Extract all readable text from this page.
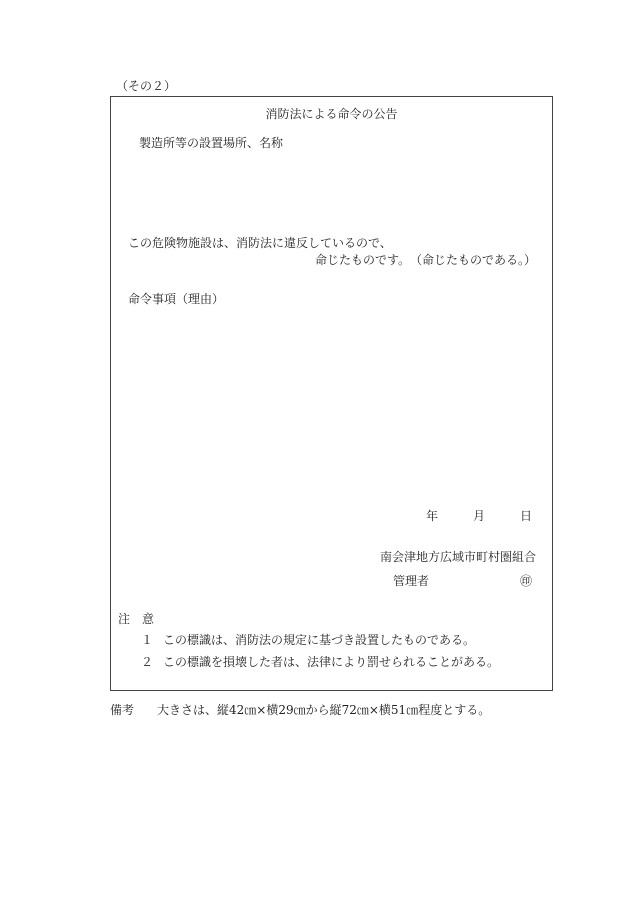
（その２）
消防法による命令の公告
製造所等の設置場所、名称
この危険物施設は、消防法に違反しているので、
命じたものです。 （命じたものである。）
命令事項（理由）
年	月	日
南会津地方広域市町村圏組合
管理者	㊞
注　意
１ この標識は、消防法の規定に基づき設置したものである。
２ この標識を損壊した者は、法律により罰せられることがある。
備考 大きさは、縦42㎝×横29㎝から縦72㎝×横51㎝程度とする。
